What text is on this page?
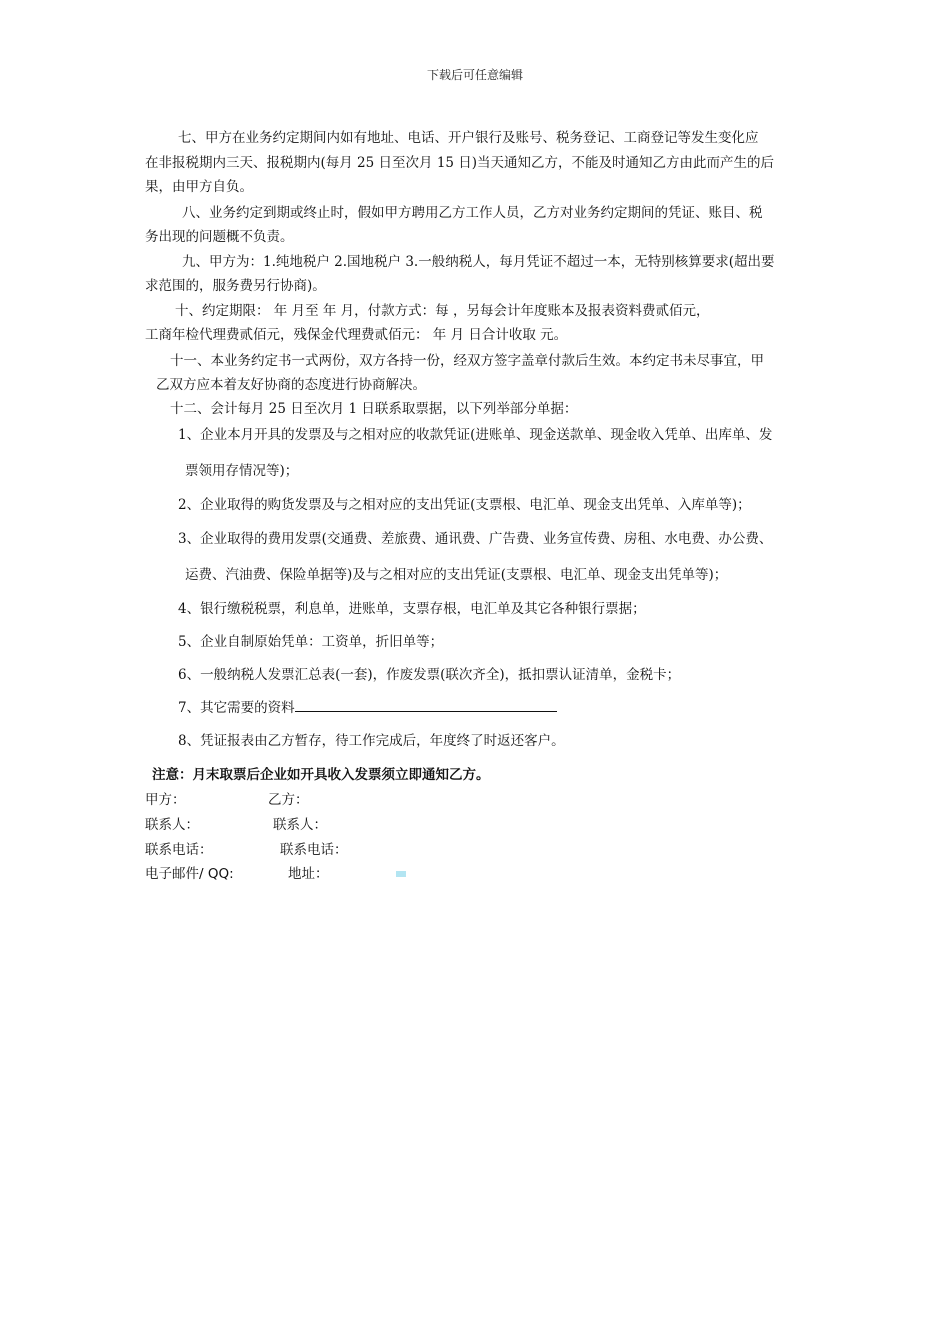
下载后可任意编辑
七、甲方在业务约定期间内如有地址、电话、开户银行及账号、税务登记、工商登记等发生变化应
在非报税期内三天、报税期内(每月 25 日至次月 15 日)当天通知乙方，不能及时通知乙方由此而产生的后
果，由甲方自负。
八、业务约定到期或终止时，假如甲方聘用乙方工作人员，乙方对业务约定期间的凭证、账目、税
务出现的问题概不负责。
九、甲方为：1.纯地税户 2.国地税户 3.一般纳税人，每月凭证不超过一本，无特别核算要求(超出要
求范围的，服务费另行协商)。
十、约定期限： 年 月至 年 月，付款方式：每 ，另每会计年度账本及报表资料费贰佰元，
工商年检代理费贰佰元，残保金代理费贰佰元： 年 月 日合计收取 元。
十一、本业务约定书一式两份，双方各持一份，经双方签字盖章付款后生效。本约定书未尽事宜，甲
乙双方应本着友好协商的态度进行协商解决。
十二、会计每月 25 日至次月 1 日联系取票据，以下列举部分单据：
1、企业本月开具的发票及与之相对应的收款凭证(进账单、现金送款单、现金收入凭单、出库单、发
票领用存情况等)；
2、企业取得的购货发票及与之相对应的支出凭证(支票根、电汇单、现金支出凭单、入库单等)；
3、企业取得的费用发票(交通费、差旅费、通讯费、广告费、业务宣传费、房租、水电费、办公费、
运费、汽油费、保险单据等)及与之相对应的支出凭证(支票根、电汇单、现金支出凭单等)；
4、银行缴税税票，利息单，进账单，支票存根，电汇单及其它各种银行票据；
5、企业自制原始凭单：工资单，折旧单等；
6、一般纳税人发票汇总表(一套)，作废发票(联次齐全)，抵扣票认证清单，金税卡；
7、其它需要的资料
8、凭证报表由乙方暂存，待工作完成后，年度终了时返还客户。
注意：月末取票后企业如开具收入发票须立即通知乙方。
甲方：	乙方：
联系人：	联系人：
联系电话：	联系电话：
电子邮件/ QQ:	地址：
